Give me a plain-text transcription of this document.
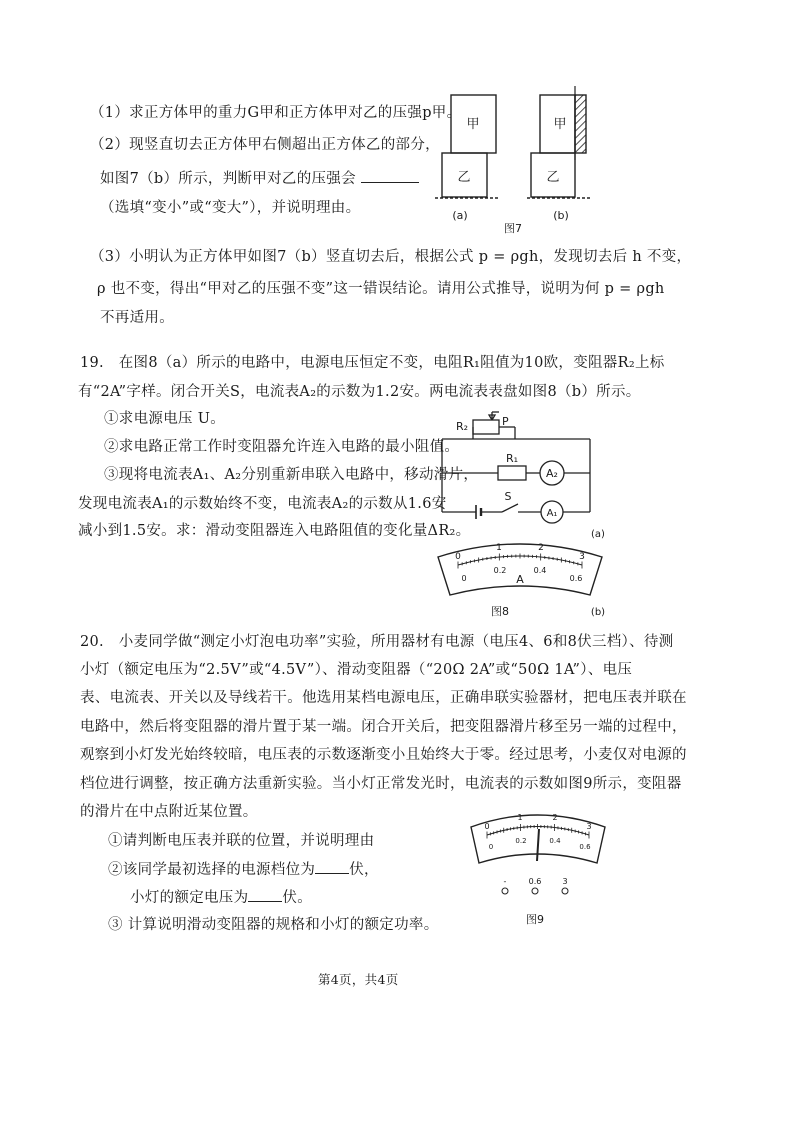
（1）求正方体甲的重力G甲和正方体甲对乙的压强p甲。
（2）现竖直切去正方体甲右侧超出正方体乙的部分，
如图7（b）所示，判断甲对乙的压强会
（选填“变小”或“变大”），并说明理由。
（3）小明认为正方体甲如图7（b）竖直切去后，根据公式 p = ρgh，发现切去后 h 不变，
ρ 也不变，得出“甲对乙的压强不变”这一错误结论。请用公式推导，说明为何 p = ρgh
不再适用。
甲
乙
(a)
甲
乙
(b)
图7
19.　在图8（a）所示的电路中，电源电压恒定不变，电阻R₁阻值为10欧，变阻器R₂上标
有“2A”字样。闭合开关S，电流表A₂的示数为1.2安。两电流表表盘如图8（b）所示。
①求电源电压 U。
②求电路正常工作时变阻器允许连入电路的最小阻值。
③现将电流表A₁、A₂分别重新串联入电路中，移动滑片，
发现电流表A₁的示数始终不变，电流表A₂的示数从1.6安
减小到1.5安。求：滑动变阻器连入电路阻值的变化量ΔR₂。
R₂	P
R₁
A₂
A₁
S
(a)
0
1	2
3
0
0.2	0.4
0.6
A
图8	(b)
20.　小麦同学做“测定小灯泡电功率”实验，所用器材有电源（电压4、6和8伏三档）、待测
小灯（额定电压为“2.5V”或“4.5V”）、滑动变阻器（“20Ω 2A”或“50Ω 1A”）、电压
表、电流表、开关以及导线若干。他选用某档电源电压，正确串联实验器材，把电压表并联在
电路中，然后将变阻器的滑片置于某一端。闭合开关后，把变阻器滑片移至另一端的过程中，
观察到小灯发光始终较暗，电压表的示数逐渐变小且始终大于零。经过思考，小麦仅对电源的
档位进行调整，按正确方法重新实验。当小灯正常发光时，电流表的示数如图9所示，变阻器
的滑片在中点附近某位置。
①请判断电压表并联的位置，并说明理由
②该同学最初选择的电源档位为 伏，
小灯的额定电压为 伏。
③ 计算说明滑动变阻器的规格和小灯的额定功率。
0
1	2
3
0
0.2	0.4
0.6
-	0.6	3
图9
第4页，共4页
